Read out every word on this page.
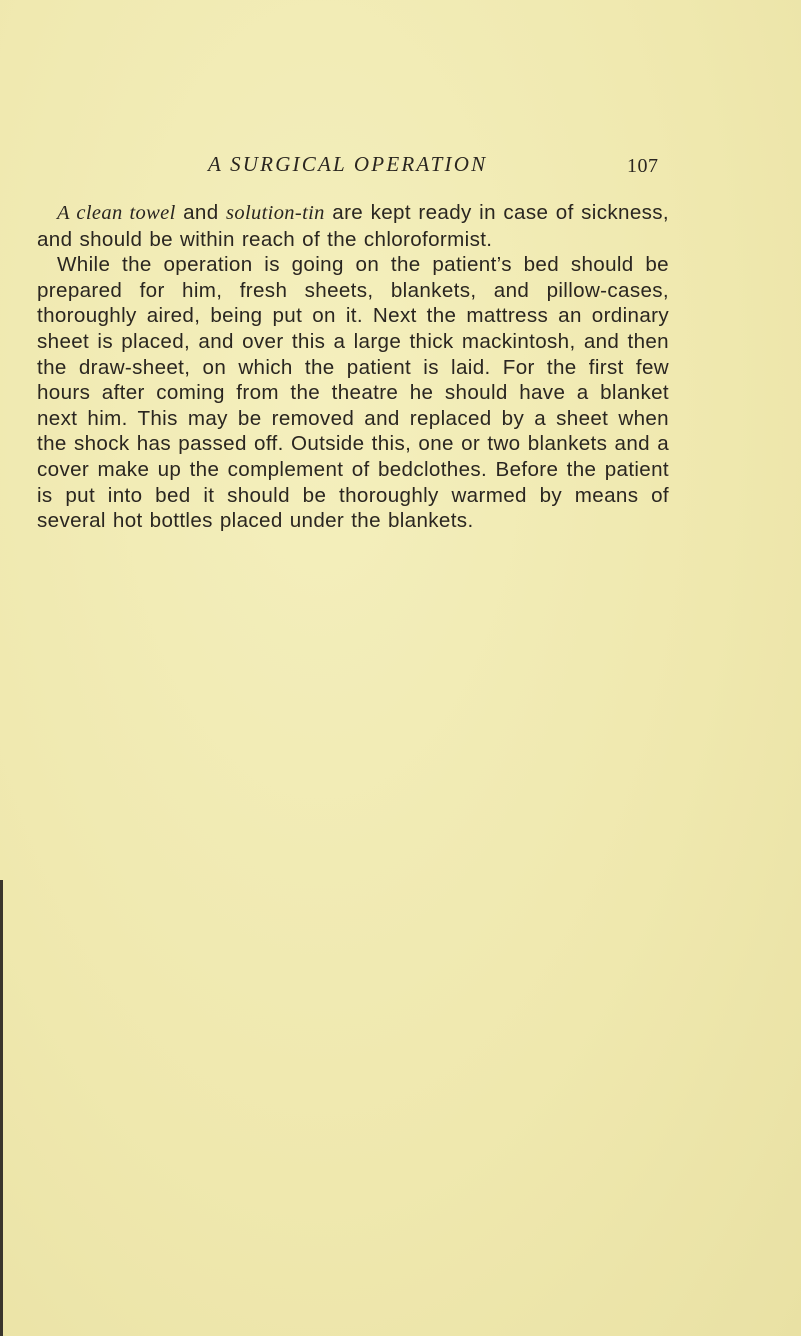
A SURGICAL OPERATION	107
A clean towel and solution-tin are kept ready in case of sickness, and should be within reach of the chloroformist.
While the operation is going on the patient’s bed should be prepared for him, fresh sheets, blankets, and pillow-cases, thoroughly aired, being put on it. Next the mattress an ordinary sheet is placed, and over this a large thick mackintosh, and then the draw-sheet, on which the patient is laid. For the first few hours after coming from the theatre he should have a blanket next him. This may be removed and replaced by a sheet when the shock has passed off. Outside this, one or two blankets and a cover make up the complement of bedclothes. Before the patient is put into bed it should be thoroughly warmed by means of several hot bottles placed under the blankets.
